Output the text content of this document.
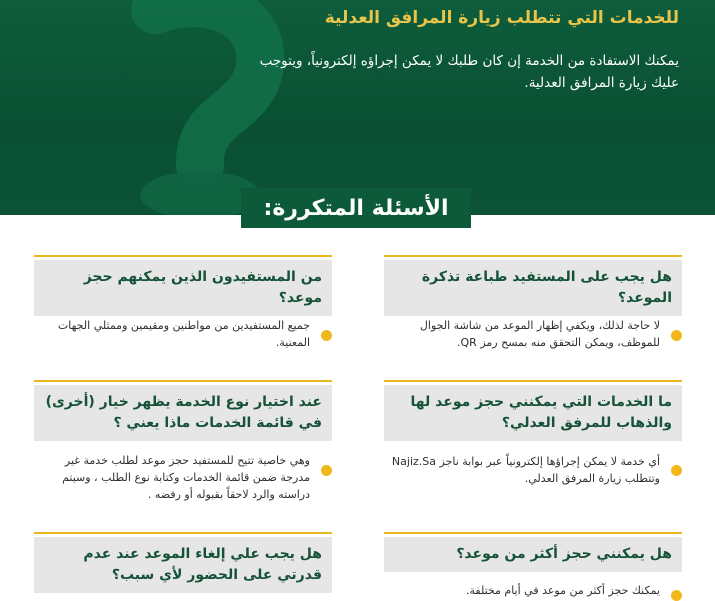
للخدمات التي تتطلب زيارة المرافق العدلية
يمكنك الاستفادة من الخدمة إن كان طلبك لا يمكن إجراؤه إلكترونياً، ويتوجب عليك زيارة المرافق العدلية.
الأسئلة المتكررة:
هل يجب على المستفيد طباعة تذكرة الموعد؟
لا حاجة لذلك، ويكفي إظهار الموعد من شاشة الجوال للموظف، ويمكن التحقق منه بمسح رمز QR.
ما الخدمات التي يمكنني حجز موعد لها والذهاب للمرفق العدلي؟
أي خدمة لا يمكن إجراؤها إلكترونياً عبر بوابة ناجز Najiz.Sa وتتطلب زيارة المرفق العدلي.
هل يمكنني حجز أكثر من موعد؟
يمكنك حجز أكثر من موعد في أيام مختلفة.
من المستفيدون الذين يمكنهم حجز موعد؟
جميع المستفيدين من مواطنين ومقيمين وممثلي الجهات المعنية.
عند اختيار نوع الخدمة يظهر خيار (أخرى) في قائمة الخدمات ماذا يعني ؟
وهي خاصية تتيح للمستفيد حجز موعد لطلب خدمة غير مدرجة ضمن قائمة الخدمات وكتابة نوع الطلب ، وسيتم دراسته والرد لاحقاً بقبوله أو رفضه .
هل يجب علي إلغاء الموعد عند عدم قدرتي على الحضور لأي سبب؟
